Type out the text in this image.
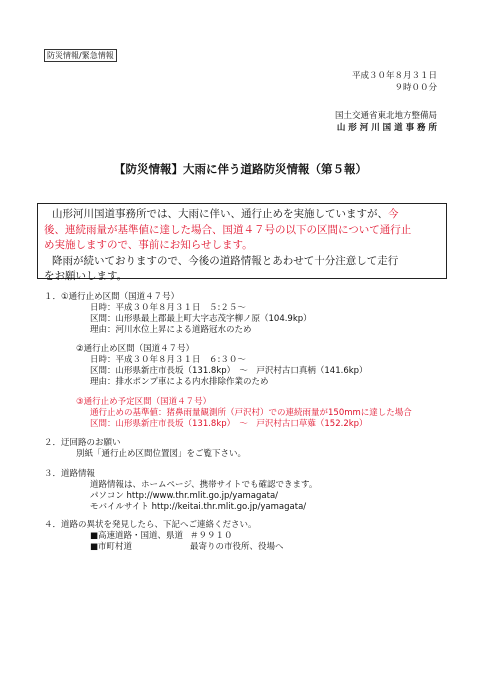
防災情報/緊急情報
平成３０年８月３１日
９時００分
国土交通省東北地方整備局
山 形 河 川 国 道 事 務 所
【防災情報】大雨に伴う道路防災情報（第５報）

山形河川国道事務所では、大雨に伴い、通行止めを実施していますが、今

後、連続雨量が基準値に達した場合、国道４７号の以下の区間について通行止

め実施しますので、事前にお知らせします。

降雨が続いておりますので、今後の道路情報とあわせて十分注意して走行

をお願いします。

１．①通行止め区間（国道４７号）
日時：平成３０年８月３１日　５:２５～
区間：山形県最上郡最上町大字志茂字柳ノ原（104.9kp）
理由：河川水位上昇による道路冠水のため
②通行止め区間（国道４７号）
日時：平成３０年８月３１日　６:３０～
区間：山形県新庄市長坂（131.8kp）　～　戸沢村古口真柄（141.6kp）
理由：排水ポンプ車による内水排除作業のため
③通行止め予定区間（国道４７号）
通行止めの基準値：猪鼻雨量観測所（戸沢村）での連続雨量が150mmに達した場合
区間：山形県新庄市長坂（131.8kp）　～　戸沢村古口草薙（152.2kp）
２．迂回路のお願い
別紙「通行止め区間位置図」をご覧下さい。
３．道路情報
道路情報は、ホームページ、携帯サイトでも確認できます。
パソコン http://www.thr.mlit.go.jp/yamagata/
モバイルサイト http://keitai.thr.mlit.go.jp/yamagata/
４．道路の異状を発見したら、下記へご連絡ください。
■高速道路・国道、県道 ＃９９１０
■市町村道	最寄りの市役所、役場へ
